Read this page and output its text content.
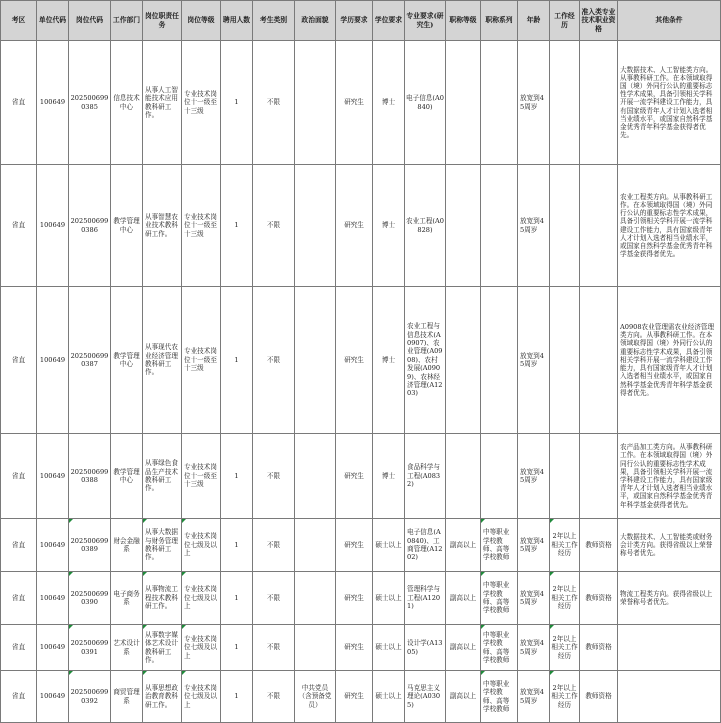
考区	单位代码	岗位代码	工作部门	岗位职责任务	岗位等级	聘用人数	考生类别	政治面貌	学历要求	学位要求	专业要求(研究生)	职称等级	职称系列	年龄	工作经历	准入类专业技术职业资格	其他条件
省直	100649	2025006990385	信息技术中心	从事人工智能技术应用教科研工作。	专业技术岗位十一级至十三级	1	不限		研究生	博士	电子信息(A0840)			放宽到45周岁			大数据技术、人工智能类方向。从事教科研工作。在本领域取得国（境）外同行公认的重要标志性学术成果，具备引领相关学科开展一流学科建设工作能力，具有国家级青年人才计划入选者相当业绩水平，或国家自然科学基金优秀青年科学基金获得者优先。
省直	100649	2025006990386	教学管理中心	从事智慧农业技术教科研工作。	专业技术岗位十一级至十三级	1	不限		研究生	博士	农业工程(A0828)			放宽到45周岁			农业工程类方向。从事教科研工作。在本领域取得国（境）外同行公认的重要标志性学术成果，具备引领相关学科开展一流学科建设工作能力，具有国家级青年人才计划入选者相当业绩水平，或国家自然科学基金优秀青年科学基金获得者优先。
省直	100649	2025006990387	教学管理中心	从事现代农业经济管理教科研工作。	专业技术岗位十一级至十三级	1	不限		研究生	博士	农业工程与信息技术(A0907)、农业管理(A0908)、农村发展(A0909)、农林经济管理(A1203)			放宽到45周岁			A0908农业管理需农业经济管理类方向。从事教科研工作。在本领域取得国（境）外同行公认的重要标志性学术成果，具备引领相关学科开展一流学科建设工作能力，具有国家级青年人才计划入选者相当业绩水平，或国家自然科学基金优秀青年科学基金获得者优先。
省直	100649	2025006990388	教学管理中心	从事绿色食品生产技术教科研工作。	专业技术岗位十一级至十三级	1	不限		研究生	博士	食品科学与工程(A0832)			放宽到45周岁			农产品加工类方向。从事教科研工作。在本领域取得国（境）外同行公认的重要标志性学术成果，具备引领相关学科开展一流学科建设工作能力，具有国家级青年人才计划入选者相当业绩水平，或国家自然科学基金优秀青年科学基金获得者优先。
省直	100649	2025006990389	财会金融系	从事大数据与财务管理教科研工作。	专业技术岗位七级及以上	1	不限		研究生	硕士以上	电子信息(A0840)、工商管理(A1202)	副高以上	中等职业学校教师、高等学校教师	放宽到45周岁	2年以上相关工作经历	教师资格	大数据技术、人工智能类或财务会计类方向。获得省级以上荣誉称号者优先。
省直	100649	2025006990390	电子商务系	从事物流工程技术教科研工作。	专业技术岗位七级及以上	1	不限		研究生	硕士以上	管理科学与工程(A1201)	副高以上	中等职业学校教师、高等学校教师	放宽到45周岁	2年以上相关工作经历	教师资格	物流工程类方向。获得省级以上荣誉称号者优先。
省直	100649	2025006990391	艺术设计系	从事数字媒体艺术设计教科研工作。	专业技术岗位七级及以上	1	不限		研究生	硕士以上	设计学(A1305)	副高以上	中等职业学校教师、高等学校教师	放宽到45周岁	2年以上相关工作经历	教师资格	
省直	100649	2025006990392	商贸管理系	从事思想政治教育教科研工作。	专业技术岗位七级及以上	1	不限	中共党员（含预备党员）	研究生	硕士以上	马克思主义理论(A0305)	副高以上	中等职业学校教师、高等学校教师	放宽到45周岁	2年以上相关工作经历	教师资格	
